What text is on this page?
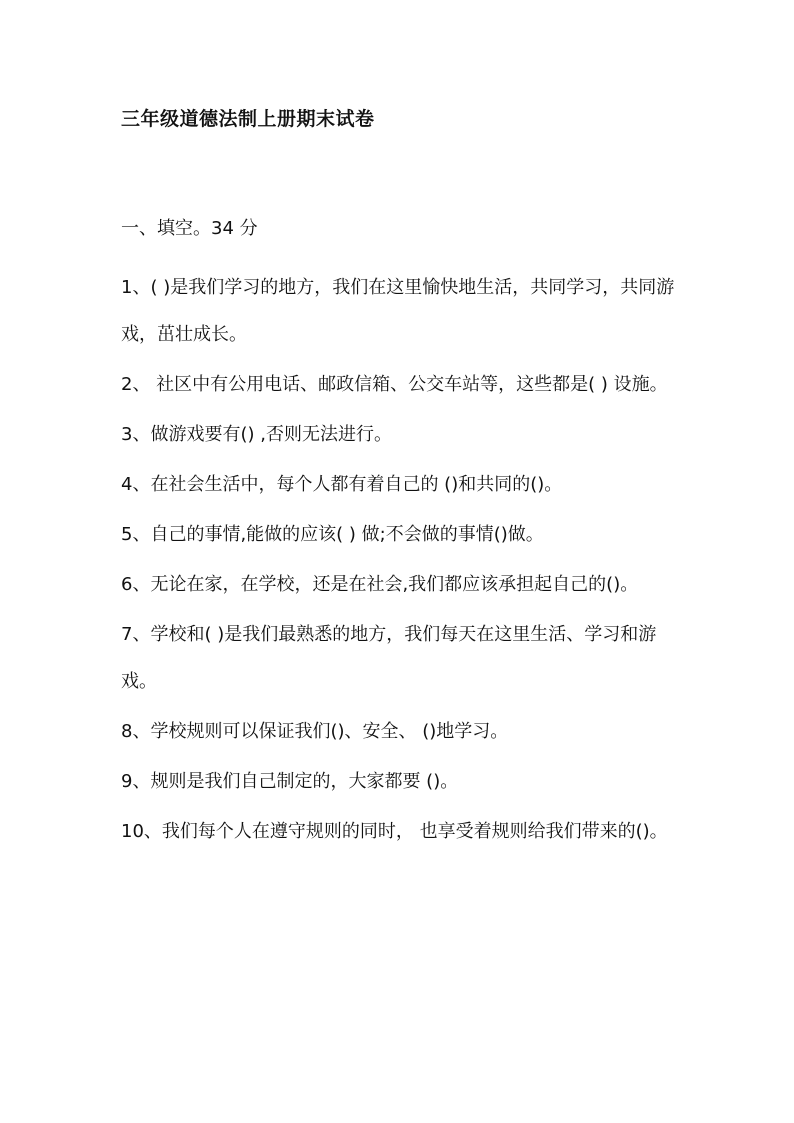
三年级道德法制上册期末试卷
一、填空。34 分

1、( )是我们学习的地方，我们在这里愉快地生活，共同学习，共同游戏，茁壮成长。

2、 社区中有公用电话、邮政信箱、公交车站等，这些都是( ) 设施。

3、做游戏要有() ,否则无法进行。

4、在社会生活中，每个人都有着自己的 ()和共同的()。

5、自己的事情,能做的应该( ) 做;不会做的事情()做。

6、无论在家，在学校，还是在社会,我们都应该承担起自己的()。

7、学校和( )是我们最熟悉的地方，我们每天在这里生活、学习和游戏。

8、学校规则可以保证我们()、安全、 ()地学习。

9、规则是我们自己制定的，大家都要 ()。

10、我们每个人在遵守规则的同时， 也享受着规则给我们带来的()。
